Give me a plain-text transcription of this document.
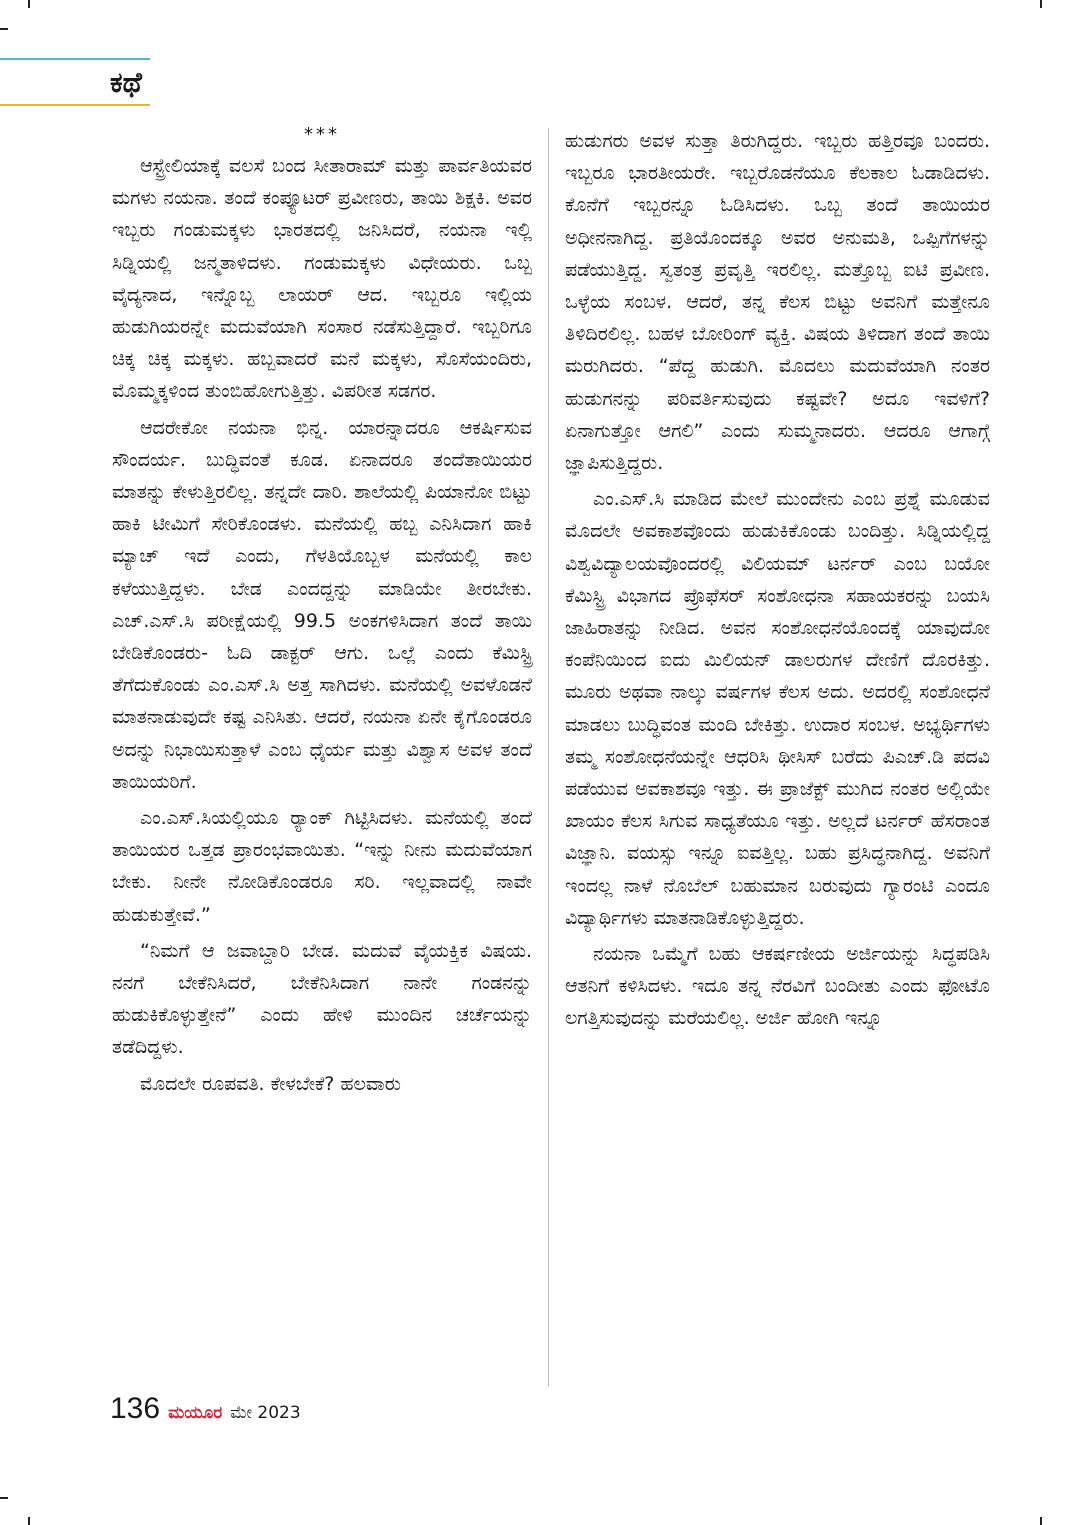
ಕಥೆ

***

ಆಸ್ಟ್ರೇಲಿಯಾಕ್ಕೆ ವಲಸೆ ಬಂದ ಸೀತಾರಾಮ್ ಮತ್ತು ಪಾರ್ವತಿಯವರ ಮಗಳು ನಯನಾ. ತಂದೆ ಕಂಪ್ಯೂಟರ್ ಪ್ರವೀಣರು, ತಾಯಿ ಶಿಕ್ಷಕಿ. ಅವರ ಇಬ್ಬರು ಗಂಡುಮಕ್ಕಳು ಭಾರತದಲ್ಲಿ ಜನಿಸಿದರೆ, ನಯನಾ ಇಲ್ಲಿ ಸಿಡ್ನಿಯಲ್ಲಿ ಜನ್ಮತಾಳಿದಳು. ಗಂಡುಮಕ್ಕಳು ವಿಧೇಯರು. ಒಬ್ಬ ವೈದ್ಯನಾದ, ಇನ್ನೊಬ್ಬ ಲಾಯರ್ ಆದ. ಇಬ್ಬರೂ ಇಲ್ಲಿಯ ಹುಡುಗಿಯರನ್ನೇ ಮದುವೆಯಾಗಿ ಸಂಸಾರ ನಡೆಸುತ್ತಿದ್ದಾರೆ. ಇಬ್ಬರಿಗೂ ಚಿಕ್ಕ ಚಿಕ್ಕ ಮಕ್ಕಳು. ಹಬ್ಬವಾದರೆ ಮನೆ ಮಕ್ಕಳು, ಸೊಸೆಯಂದಿರು, ಮೊಮ್ಮಕ್ಕಳಿಂದ ತುಂಬಿಹೋಗುತ್ತಿತ್ತು. ವಿಪರೀತ ಸಡಗರ.

ಆದರೇಕೋ ನಯನಾ ಭಿನ್ನ. ಯಾರನ್ನಾದರೂ ಆಕರ್ಷಿಸುವ ಸೌಂದರ್ಯ. ಬುದ್ಧಿವಂತೆ ಕೂಡ. ಏನಾದರೂ ತಂದೆತಾಯಿಯರ ಮಾತನ್ನು ಕೇಳುತ್ತಿರಲಿಲ್ಲ. ತನ್ನದೇ ದಾರಿ. ಶಾಲೆಯಲ್ಲಿ ಪಿಯಾನೋ ಬಿಟ್ಟು ಹಾಕಿ ಟೀಮಿಗೆ ಸೇರಿಕೊಂಡಳು. ಮನೆಯಲ್ಲಿ ಹಬ್ಬ ಎನಿಸಿದಾಗ ಹಾಕಿ ಮ್ಯಾಚ್ ಇದೆ ಎಂದು, ಗೆಳತಿಯೊಬ್ಬಳ ಮನೆಯಲ್ಲಿ ಕಾಲ ಕಳೆಯುತ್ತಿದ್ದಳು. ಬೇಡ ಎಂದದ್ದನ್ನು ಮಾಡಿಯೇ ತೀರಬೇಕು. ಎಚ್.ಎಸ್.ಸಿ ಪರೀಕ್ಷೆಯಲ್ಲಿ 99.5 ಅಂಕಗಳಿಸಿದಾಗ ತಂದೆ ತಾಯಿ ಬೇಡಿಕೊಂಡರು- ಓದಿ ಡಾಕ್ಟರ್ ಆಗು. ಒಲ್ಲೆ ಎಂದು ಕೆಮಿಸ್ಟ್ರಿ ತೆಗೆದುಕೊಂಡು ಎಂ.ಎಸ್.ಸಿ ಅತ್ತ ಸಾಗಿದಳು. ಮನೆಯಲ್ಲಿ ಅವಳೊಡನೆ ಮಾತನಾಡುವುದೇ ಕಷ್ಟ ಎನಿಸಿತು. ಆದರೆ, ನಯನಾ ಏನೇ ಕೈಗೊಂಡರೂ ಅದನ್ನು ನಿಭಾಯಿಸುತ್ತಾಳೆ ಎಂಬ ಧೈರ್ಯ ಮತ್ತು ವಿಶ್ವಾಸ ಅವಳ ತಂದೆ ತಾಯಿಯರಿಗೆ.

ಎಂ.ಎಸ್.ಸಿಯಲ್ಲಿಯೂ ರ್‍ಯಾಂಕ್ ಗಿಟ್ಟಿಸಿದಳು. ಮನೆಯಲ್ಲಿ ತಂದೆ ತಾಯಿಯರ ಒತ್ತಡ ಪ್ರಾರಂಭವಾಯಿತು. “ಇನ್ನು ನೀನು ಮದುವೆಯಾಗ ಬೇಕು. ನೀನೇ ನೋಡಿಕೊಂಡರೂ ಸರಿ. ಇಲ್ಲವಾದಲ್ಲಿ ನಾವೇ ಹುಡುಕುತ್ತೇವೆ.”

“ನಿಮಗೆ ಆ ಜವಾಬ್ದಾರಿ ಬೇಡ. ಮದುವೆ ವೈಯಕ್ತಿಕ ವಿಷಯ. ನನಗೆ ಬೇಕೆನಿಸಿದರೆ, ಬೇಕೆನಿಸಿದಾಗ ನಾನೇ ಗಂಡನನ್ನು ಹುಡುಕಿಕೊಳ್ಳುತ್ತೇನೆ” ಎಂದು ಹೇಳಿ ಮುಂದಿನ ಚರ್ಚೆಯನ್ನು ತಡೆದಿದ್ದಳು.

ಮೊದಲೇ ರೂಪವತಿ. ಕೇಳಬೇಕೆ? ಹಲವಾರು

ಹುಡುಗರು ಅವಳ ಸುತ್ತಾ ತಿರುಗಿದ್ದರು. ಇಬ್ಬರು ಹತ್ತಿರವೂ ಬಂದರು. ಇಬ್ಬರೂ ಭಾರತೀಯರೇ. ಇಬ್ಬರೊಡನೆಯೂ ಕೆಲಕಾಲ ಓಡಾಡಿದಳು. ಕೊನೆಗೆ ಇಬ್ಬರನ್ನೂ ಓಡಿಸಿದಳು. ಒಬ್ಬ ತಂದೆ ತಾಯಿಯರ ಅಧೀನನಾಗಿದ್ದ. ಪ್ರತಿಯೊಂದಕ್ಕೂ ಅವರ ಅನುಮತಿ, ಒಪ್ಪಿಗೆಗಳನ್ನು ಪಡೆಯುತ್ತಿದ್ದ. ಸ್ವತಂತ್ರ ಪ್ರವೃತ್ತಿ ಇರಲಿಲ್ಲ. ಮತ್ತೊಬ್ಬ ಐಟಿ ಪ್ರವೀಣ. ಒಳ್ಳೆಯ ಸಂಬಳ. ಆದರೆ, ತನ್ನ ಕೆಲಸ ಬಿಟ್ಟು ಅವನಿಗೆ ಮತ್ತೇನೂ ತಿಳಿದಿರಲಿಲ್ಲ. ಬಹಳ ಬೋರಿಂಗ್ ವ್ಯಕ್ತಿ. ವಿಷಯ ತಿಳಿದಾಗ ತಂದೆ ತಾಯಿ ಮರುಗಿದರು. “ಪೆದ್ದ ಹುಡುಗಿ. ಮೊದಲು ಮದುವೆಯಾಗಿ ನಂತರ ಹುಡುಗನನ್ನು ಪರಿವರ್ತಿಸುವುದು ಕಷ್ಟವೇ? ಅದೂ ಇವಳಿಗೆ? ಏನಾಗುತ್ತೋ ಆಗಲಿ” ಎಂದು ಸುಮ್ಮನಾದರು. ಆದರೂ ಆಗಾಗ್ಗೆ ಜ್ಞಾಪಿಸುತ್ತಿದ್ದರು.

ಎಂ.ಎಸ್.ಸಿ ಮಾಡಿದ ಮೇಲೆ ಮುಂದೇನು ಎಂಬ ಪ್ರಶ್ನೆ ಮೂಡುವ ಮೊದಲೇ ಅವಕಾಶವೊಂದು ಹುಡುಕಿಕೊಂಡು ಬಂದಿತ್ತು. ಸಿಡ್ನಿಯಲ್ಲಿದ್ದ ವಿಶ್ವವಿದ್ಯಾಲಯವೊಂದರಲ್ಲಿ ವಿಲಿಯಮ್ ಟರ್ನರ್ ಎಂಬ ಬಯೋ ಕೆಮಿಸ್ಟ್ರಿ ವಿಭಾಗದ ಪ್ರೊಫೆಸರ್ ಸಂಶೋಧನಾ ಸಹಾಯಕರನ್ನು ಬಯಸಿ ಜಾಹಿರಾತನ್ನು ನೀಡಿದ. ಅವನ ಸಂಶೋಧನೆಯೊಂದಕ್ಕೆ ಯಾವುದೋ ಕಂಪೆನಿಯಿಂದ ಐದು ಮಿಲಿಯನ್ ಡಾಲರುಗಳ ದೇಣಿಗೆ ದೊರಕಿತ್ತು. ಮೂರು ಅಥವಾ ನಾಲ್ಕು ವರ್ಷಗಳ ಕೆಲಸ ಅದು. ಅದರಲ್ಲಿ ಸಂಶೋಧನೆ ಮಾಡಲು ಬುದ್ಧಿವಂತ ಮಂದಿ ಬೇಕಿತ್ತು. ಉದಾರ ಸಂಬಳ. ಅಭ್ಯರ್ಥಿಗಳು ತಮ್ಮ ಸಂಶೋಧನೆಯನ್ನೇ ಆಧರಿಸಿ ಥೀಸಿಸ್ ಬರೆದು ಪಿಎಚ್.ಡಿ ಪದವಿ ಪಡೆಯುವ ಅವಕಾಶವೂ ಇತ್ತು. ಈ ಪ್ರಾಜೆಕ್ಟ್ ಮುಗಿದ ನಂತರ ಅಲ್ಲಿಯೇ ಖಾಯಂ ಕೆಲಸ ಸಿಗುವ ಸಾಧ್ಯತೆಯೂ ಇತ್ತು. ಅಲ್ಲದೆ ಟರ್ನರ್ ಹೆಸರಾಂತ ವಿಜ್ಞಾನಿ. ವಯಸ್ಸು ಇನ್ನೂ ಐವತ್ತಿಲ್ಲ. ಬಹು ಪ್ರಸಿದ್ಧನಾಗಿದ್ದ. ಅವನಿಗೆ ಇಂದಲ್ಲ ನಾಳೆ ನೊಬೆಲ್ ಬಹುಮಾನ ಬರುವುದು ಗ್ಯಾರಂಟಿ ಎಂದೂ ವಿದ್ಯಾರ್ಥಿಗಳು ಮಾತನಾಡಿಕೊಳ್ಳುತ್ತಿದ್ದರು.

ನಯನಾ ಒಮ್ಮೆಗೆ ಬಹು ಆಕರ್ಷಣೀಯ ಅರ್ಜಿಯನ್ನು ಸಿದ್ಧಪಡಿಸಿ ಆತನಿಗೆ ಕಳಿಸಿದಳು. ಇದೂ ತನ್ನ ನೆರವಿಗೆ ಬಂದೀತು ಎಂದು ಫೋಟೊ ಲಗತ್ತಿಸುವುದನ್ನು ಮರೆಯಲಿಲ್ಲ. ಅರ್ಜಿ ಹೋಗಿ ಇನ್ನೂ

136 ಮಯೂರ ಮೇ 2023
